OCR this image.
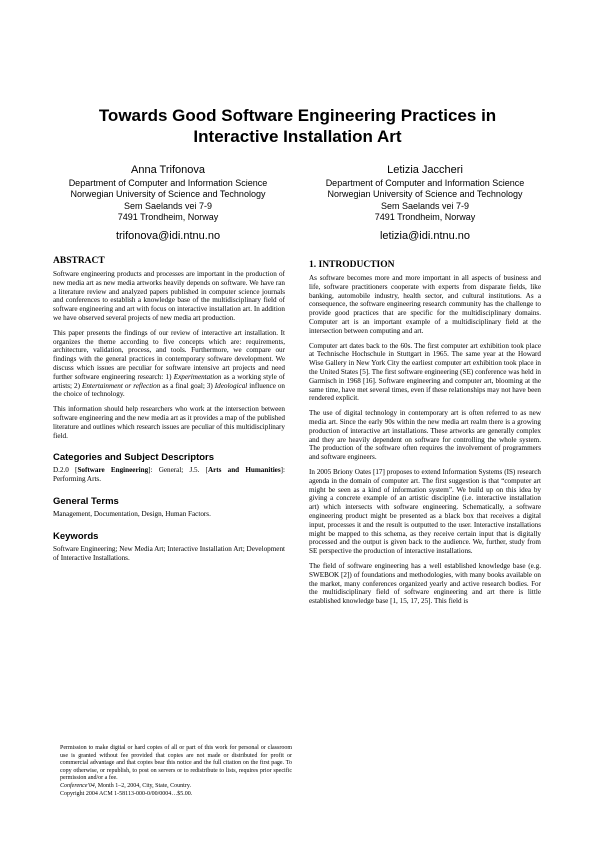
Towards Good Software Engineering Practices in
Interactive Installation Art
Anna Trifonova
Department of Computer and Information Science
Norwegian University of Science and Technology
Sem Saelands vei 7-9
7491 Trondheim, Norway
trifonova@idi.ntnu.no
Letizia Jaccheri
Department of Computer and Information Science
Norwegian University of Science and Technology
Sem Saelands vei 7-9
7491 Trondheim, Norway
letizia@idi.ntnu.no
ABSTRACT

Software engineering products and processes are important in the production of new media art as new media artworks heavily depends on software. We have ran a literature review and analyzed papers published in computer science journals and conferences to establish a knowledge base of the multidisciplinary field of software engineering and art with focus on interactive installation art. In addition we have observed several projects of new media art production.

This paper presents the findings of our review of interactive art installation. It organizes the theme according to five concepts which are: requirements, architecture, validation, process, and tools. Furthermore, we compare our findings with the general practices in contemporary software development. We discuss which issues are peculiar for software intensive art projects and need further software engineering research: 1) Experimentation as a working style of artists; 2) Entertainment or reflection as a final goal; 3) Ideological influence on the choice of technology.

This information should help researchers who work at the intersection between software engineering and the new media art as it provides a map of the published literature and outlines which research issues are peculiar of this multidisciplinary field.

Categories and Subject Descriptors

D.2.0 [Software Engineering]: General; J.5. [Arts and Humanities]: Performing Arts.

General Terms

Management, Documentation, Design, Human Factors.

Keywords

Software Engineering; New Media Art; Interactive Installation Art; Development of Interactive Installations.

Permission to make digital or hard copies of all or part of this work for personal or classroom use is granted without fee provided that copies are not made or distributed for profit or commercial advantage and that copies bear this notice and the full citation on the first page. To copy otherwise, or republish, to post on servers or to redistribute to lists, requires prior specific permission and/or a fee.

Conference'04, Month 1–2, 2004, City, State, Country.

Copyright 2004 ACM 1-58113-000-0/00/0004…$5.00.

1. INTRODUCTION

As software becomes more and more important in all aspects of business and life, software practitioners cooperate with experts from disparate fields, like banking, automobile industry, health sector, and cultural institutions. As a consequence, the software engineering research community has the challenge to provide good practices that are specific for the multidisciplinary domains. Computer art is an important example of a multidisciplinary field at the intersection between computing and art.

Computer art dates back to the 60s. The first computer art exhibition took place at Technische Hochschule in Stuttgart in 1965. The same year at the Howard Wise Gallery in New York City the earliest computer art exhibition took place in the United States [5]. The first software engineering (SE) conference was held in Garmisch in 1968 [16]. Software engineering and computer art, blooming at the same time, have met several times, even if these relationships may not have been rendered explicit.

The use of digital technology in contemporary art is often referred to as new media art. Since the early 90s within the new media art realm there is a growing production of interactive art installations. These artworks are generally complex and they are heavily dependent on software for controlling the whole system. The production of the software often requires the involvement of programmers and software engineers.

In 2005 Briony Oates [17] proposes to extend Information Systems (IS) research agenda in the domain of computer art. The first suggestion is that “computer art might be seen as a kind of information system”. We build up on this idea by giving a concrete example of an artistic discipline (i.e. interactive installation art) which intersects with software engineering. Schematically, a software engineering product might be presented as a black box that receives a digital input, processes it and the result is outputted to the user. Interactive installations might be mapped to this schema, as they receive certain input that is digitally processed and the output is given back to the audience. We, further, study from SE perspective the production of interactive installations.

The field of software engineering has a well established knowledge base (e.g. SWEBOK [2]) of foundations and methodologies, with many books available on the market, many conferences organized yearly and active research bodies. For the multidisciplinary field of software engineering and art there is little established knowledge base [1, 15, 17, 25]. This field is
